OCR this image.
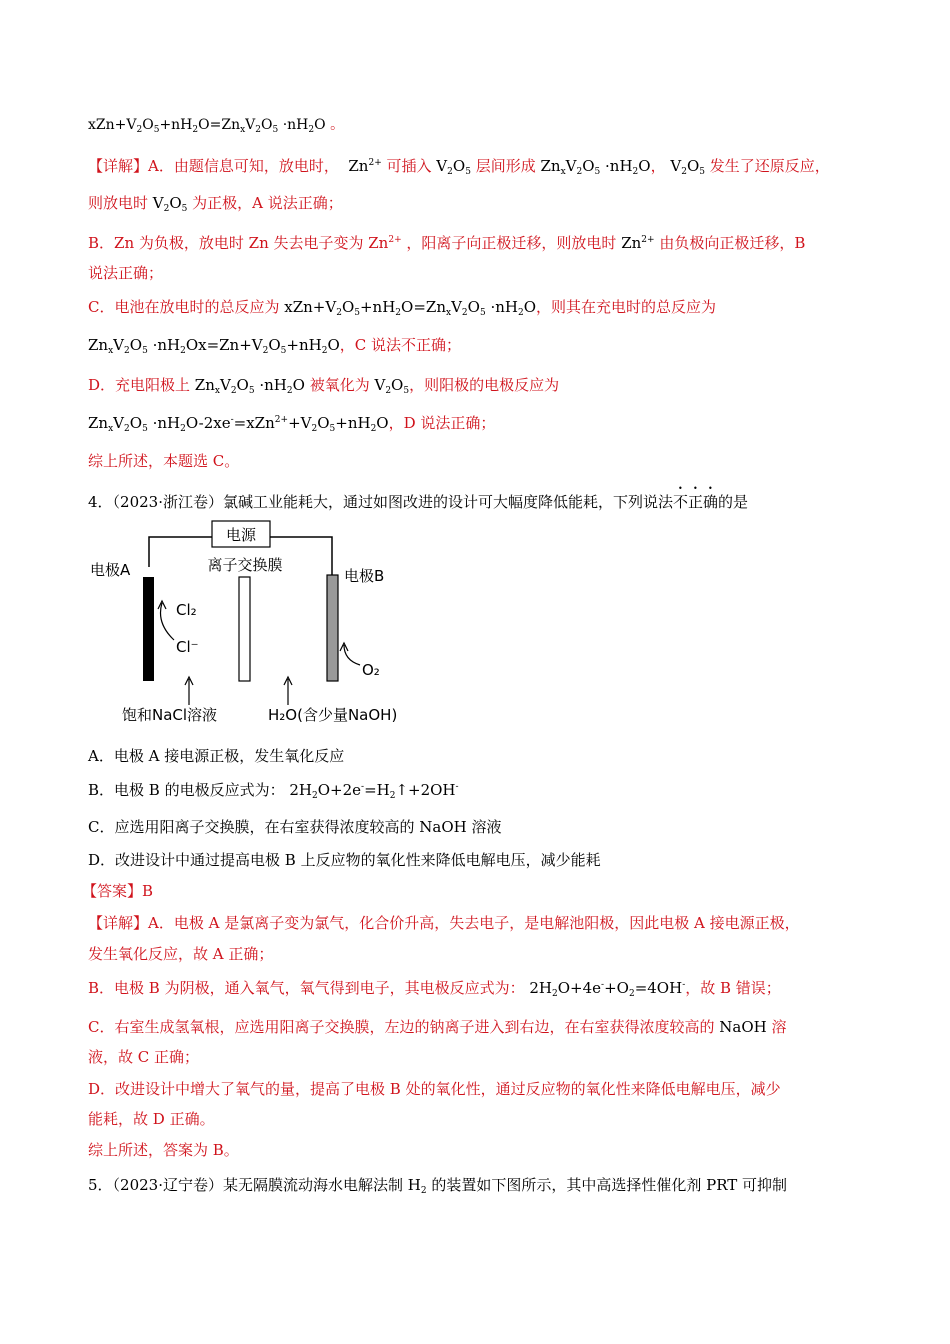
$xZn+V_2O_5+nH_2O=Zn_xV_2O_5 \cdot nH_2O$ 。
【详解】A．由题信息可知，放电时，  $Zn^{2+}$ 可插入 $V_2O_5$ 层间形成 $Zn_xV_2O_5 \cdot nH_2O$， $V_2O_5$ 发生了还原反应，
则放电时 $V_2O_5$ 为正极，A 说法正确；
B．Zn 为负极，放电时 Zn 失去电子变为 $Zn^{2+}$ ，阳离子向正极迁移，则放电时 $Zn^{2+}$ 由负极向正极迁移，B
说法正确；
C．电池在放电时的总反应为 $xZn+V_2O_5+nH_2O=Zn_xV_2O_5 \cdot nH_2O$，则其在充电时的总反应为
$Zn_xV_2O_5 \cdot nH_2Ox=Zn+V_2O_5+nH_2O$，C 说法不正确；
D．充电阳极上 $Zn_xV_2O_5 \cdot nH_2O$ 被氧化为 $V_2O_5$，则阳极的电极反应为
$Zn_xV_2O_5 \cdot nH_2O-2xe^-=xZn^{2+}+V_2O_5+nH_2O$，D 说法正确；
综上所述，本题选 C。
4．（2023·浙江卷）氯碱工业能耗大，通过如图改进的设计可大幅度降低能耗，下列说法不正确的是
电源
离子交换膜
电极A	电极B
Cl₂
Cl⁻
O₂
饱和NaCl溶液	H₂O(含少量NaOH)
A．电极 A 接电源正极，发生氧化反应
B．电极 B 的电极反应式为： $2H_2O+2e^-=H_2↑+2OH^-$
C．应选用阳离子交换膜，在右室获得浓度较高的 NaOH 溶液
D．改进设计中通过提高电极 B 上反应物的氧化性来降低电解电压，减少能耗
【答案】B
【详解】A．电极 A 是氯离子变为氯气，化合价升高，失去电子，是电解池阳极，因此电极 A 接电源正极，
发生氧化反应，故 A 正确；
B．电极 B 为阴极，通入氧气，氧气得到电子，其电极反应式为： $2H_2O+4e^-+O_2=4OH^-$，故 B 错误；
C．右室生成氢氧根，应选用阳离子交换膜，左边的钠离子进入到右边，在右室获得浓度较高的 NaOH 溶
液，故 C 正确；
D．改进设计中增大了氧气的量，提高了电极 B 处的氧化性，通过反应物的氧化性来降低电解电压，减少
能耗，故 D 正确。
综上所述，答案为 B。
5．（2023·辽宁卷）某无隔膜流动海水电解法制 $H_2$ 的装置如下图所示，其中高选择性催化剂 PRT 可抑制
